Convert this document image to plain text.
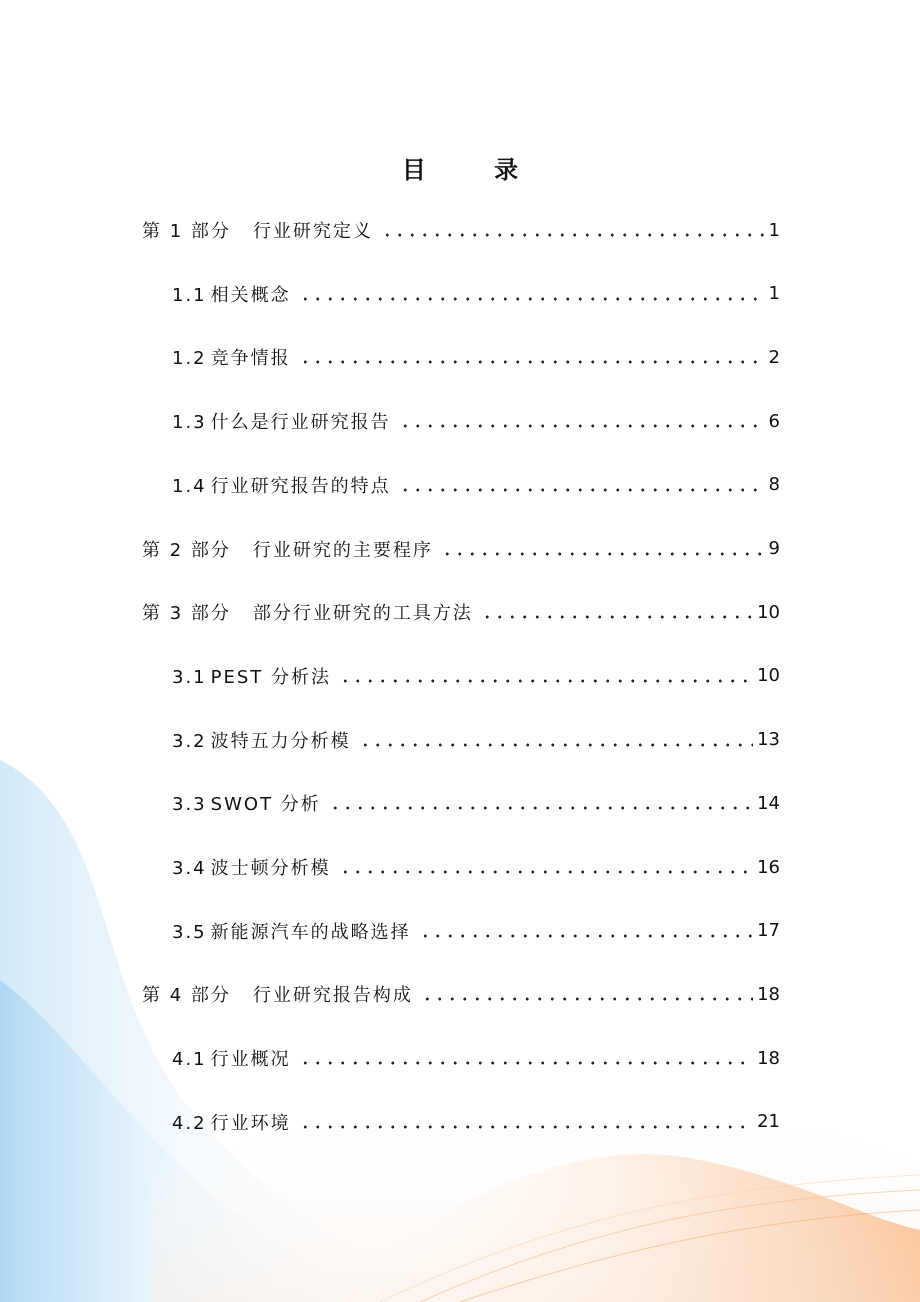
目 录
第 1 部分 行业研究定义	1
1.1 相关概念	1
1.2 竞争情报	2
1.3 什么是行业研究报告	6
1.4 行业研究报告的特点	8
第 2 部分 行业研究的主要程序	9
第 3 部分 部分行业研究的工具方法	10
3.1 PEST 分析法	10
3.2 波特五力分析模	13
3.3 SWOT 分析	14
3.4 波士顿分析模	16
3.5 新能源汽车的战略选择	17
第 4 部分 行业研究报告构成	18
4.1 行业概况	18
4.2 行业环境	21
